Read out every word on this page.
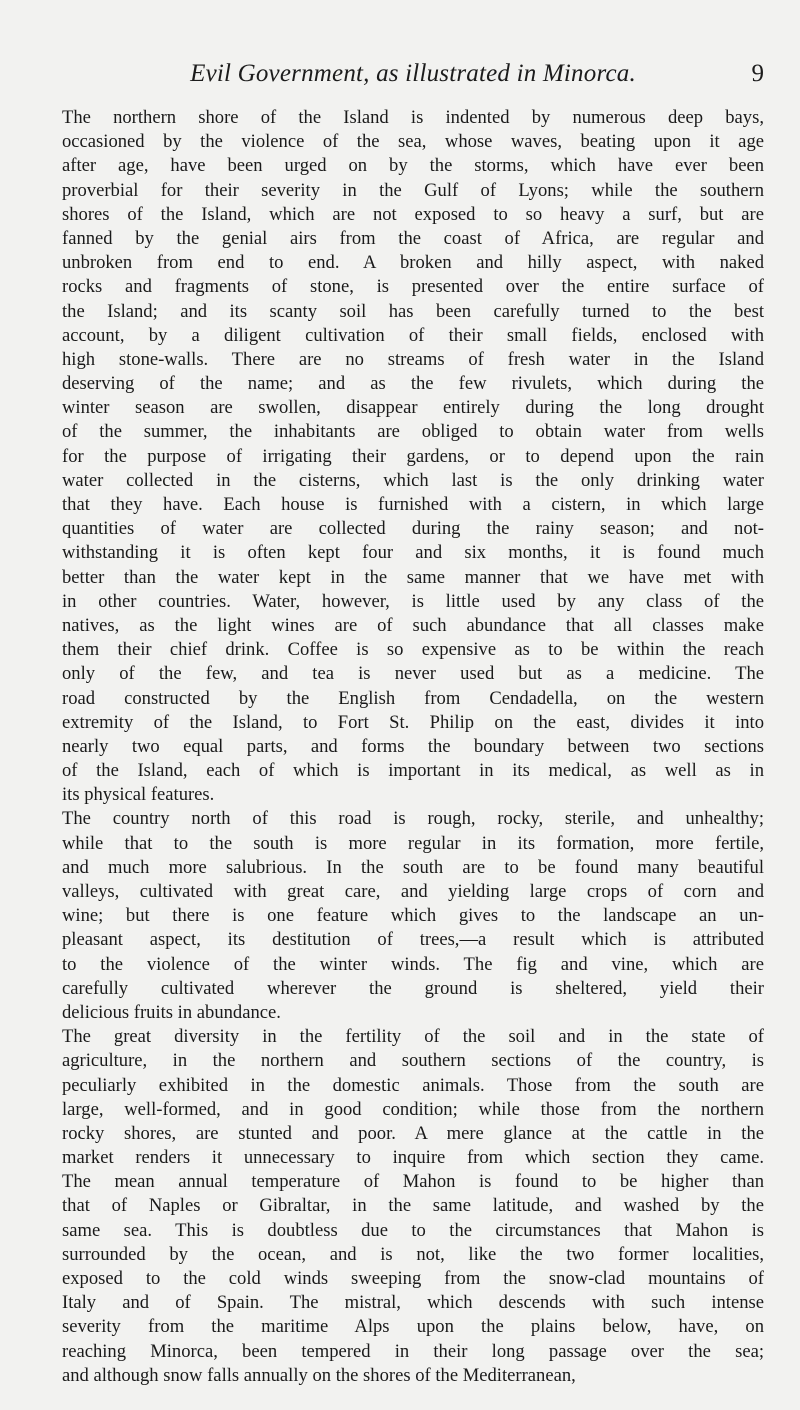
Evil Government, as illustrated in Minorca.	9
The northern shore of the Island is indented by numerous deep bays,
occasioned by the violence of the sea, whose waves, beating upon it age
after age, have been urged on by the storms, which have ever been
proverbial for their severity in the Gulf of Lyons; while the southern
shores of the Island, which are not exposed to so heavy a surf, but are
fanned by the genial airs from the coast of Africa, are regular and
unbroken from end to end. A broken and hilly aspect, with naked
rocks and fragments of stone, is presented over the entire surface of
the Island; and its scanty soil has been carefully turned to the best
account, by a diligent cultivation of their small fields, enclosed with
high stone-walls. There are no streams of fresh water in the Island
deserving of the name; and as the few rivulets, which during the
winter season are swollen, disappear entirely during the long drought
of the summer, the inhabitants are obliged to obtain water from wells
for the purpose of irrigating their gardens, or to depend upon the rain
water collected in the cisterns, which last is the only drinking water
that they have. Each house is furnished with a cistern, in which large
quantities of water are collected during the rainy season; and not-
withstanding it is often kept four and six months, it is found much
better than the water kept in the same manner that we have met with
in other countries. Water, however, is little used by any class of the
natives, as the light wines are of such abundance that all classes make
them their chief drink. Coffee is so expensive as to be within the reach
only of the few, and tea is never used but as a medicine. The
road constructed by the English from Cendadella, on the western
extremity of the Island, to Fort St. Philip on the east, divides it into
nearly two equal parts, and forms the boundary between two sections
of the Island, each of which is important in its medical, as well as in
its physical features.
The country north of this road is rough, rocky, sterile, and unhealthy;
while that to the south is more regular in its formation, more fertile,
and much more salubrious. In the south are to be found many beautiful
valleys, cultivated with great care, and yielding large crops of corn and
wine; but there is one feature which gives to the landscape an un-
pleasant aspect, its destitution of trees,—a result which is attributed
to the violence of the winter winds. The fig and vine, which are
carefully cultivated wherever the ground is sheltered, yield their
delicious fruits in abundance.
The great diversity in the fertility of the soil and in the state of
agriculture, in the northern and southern sections of the country, is
peculiarly exhibited in the domestic animals. Those from the south are
large, well-formed, and in good condition; while those from the northern
rocky shores, are stunted and poor. A mere glance at the cattle in the
market renders it unnecessary to inquire from which section they came.
The mean annual temperature of Mahon is found to be higher than
that of Naples or Gibraltar, in the same latitude, and washed by the
same sea. This is doubtless due to the circumstances that Mahon is
surrounded by the ocean, and is not, like the two former localities,
exposed to the cold winds sweeping from the snow-clad mountains of
Italy and of Spain. The mistral, which descends with such intense
severity from the maritime Alps upon the plains below, have, on
reaching Minorca, been tempered in their long passage over the sea;
and although snow falls annually on the shores of the Mediterranean,
